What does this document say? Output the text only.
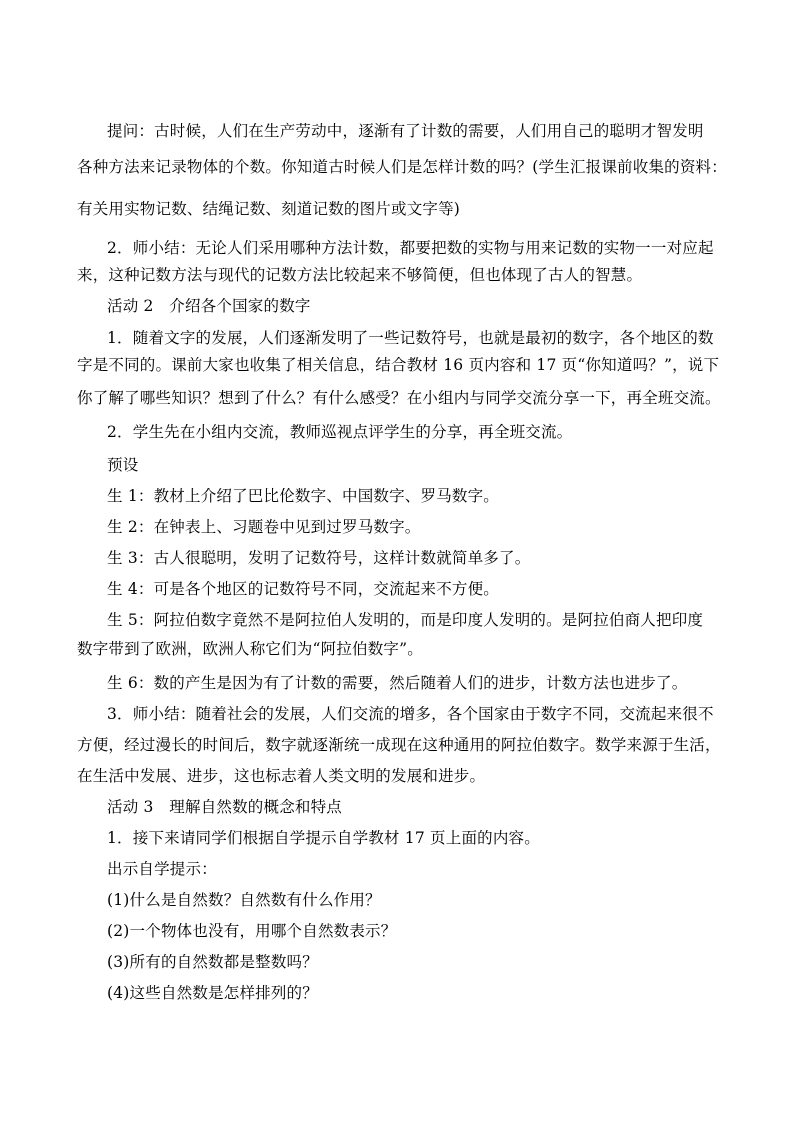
提问：古时候，人们在生产劳动中，逐渐有了计数的需要，人们用自己的聪明才智发明
各种方法来记录物体的个数。你知道古时候人们是怎样计数的吗？(学生汇报课前收集的资料：
有关用实物记数、结绳记数、刻道记数的图片或文字等)
2．师小结：无论人们采用哪种方法计数，都要把数的实物与用来记数的实物一一对应起
来，这种记数方法与现代的记数方法比较起来不够简便，但也体现了古人的智慧。
活动 2　介绍各个国家的数字
1．随着文字的发展，人们逐渐发明了一些记数符号，也就是最初的数字，各个地区的数
字是不同的。课前大家也收集了相关信息，结合教材 16 页内容和 17 页“你知道吗？”，说下
你了解了哪些知识？想到了什么？有什么感受？在小组内与同学交流分享一下，再全班交流。
2．学生先在小组内交流，教师巡视点评学生的分享，再全班交流。
预设
生 1：教材上介绍了巴比伦数字、中国数字、罗马数字。
生 2：在钟表上、习题卷中见到过罗马数字。
生 3：古人很聪明，发明了记数符号，这样计数就简单多了。
生 4：可是各个地区的记数符号不同，交流起来不方便。
生 5：阿拉伯数字竟然不是阿拉伯人发明的，而是印度人发明的。是阿拉伯商人把印度
数字带到了欧洲，欧洲人称它们为“阿拉伯数字”。
生 6：数的产生是因为有了计数的需要，然后随着人们的进步，计数方法也进步了。
3．师小结：随着社会的发展，人们交流的增多，各个国家由于数字不同，交流起来很不
方便，经过漫长的时间后，数字就逐渐统一成现在这种通用的阿拉伯数字。数学来源于生活，
在生活中发展、进步，这也标志着人类文明的发展和进步。
活动 3　理解自然数的概念和特点
1．接下来请同学们根据自学提示自学教材 17 页上面的内容。
出示自学提示：
(1)什么是自然数？自然数有什么作用？
(2)一个物体也没有，用哪个自然数表示？
(3)所有的自然数都是整数吗？
(4)这些自然数是怎样排列的？
